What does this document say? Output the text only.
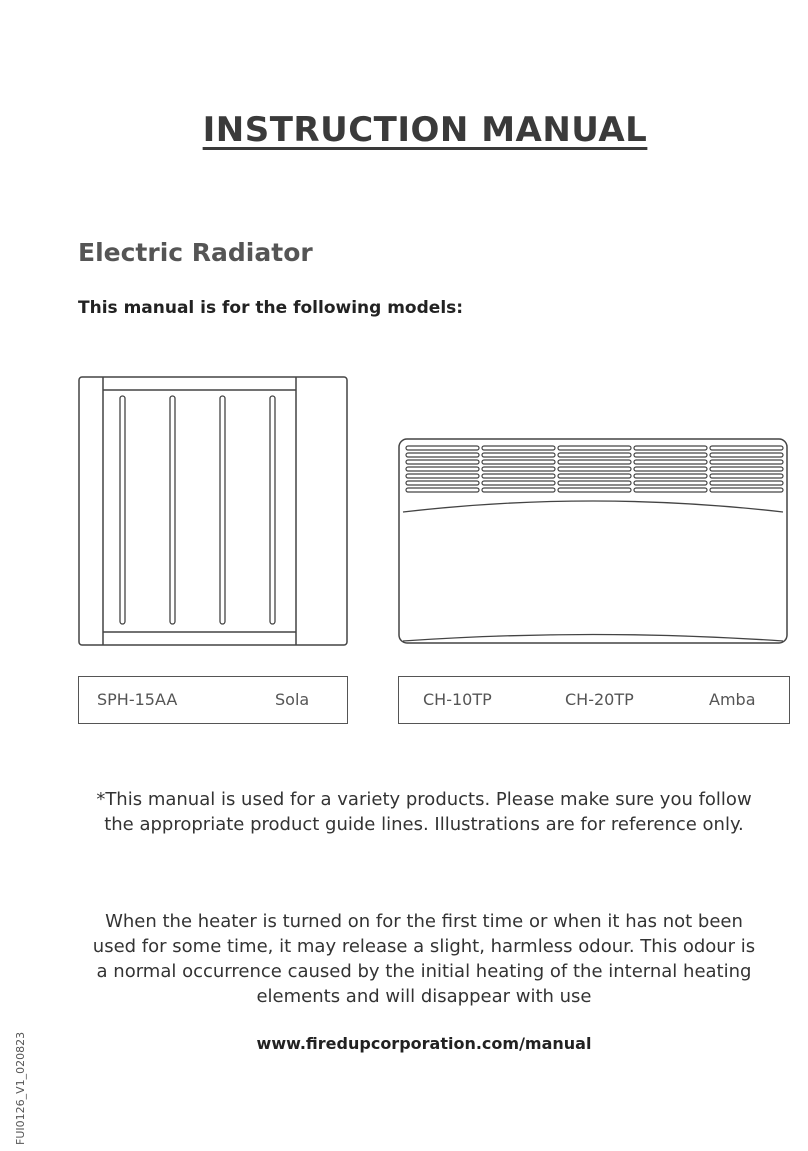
INSTRUCTION MANUAL
Electric Radiator
This manual is for the following models:
SPH-15AA	Sola	CH-10TP	CH-20TP	Amba
*This manual is used for a variety products. Please make sure you follow
the appropriate product guide lines. Illustrations are for reference only.
When the heater is turned on for the first time or when it has not been
used for some time, it may release a slight, harmless odour. This odour is
a normal occurrence caused by the initial heating of the internal heating
elements and will disappear with use
www.firedupcorporation.com/manual
FUI0126_V1_020823
